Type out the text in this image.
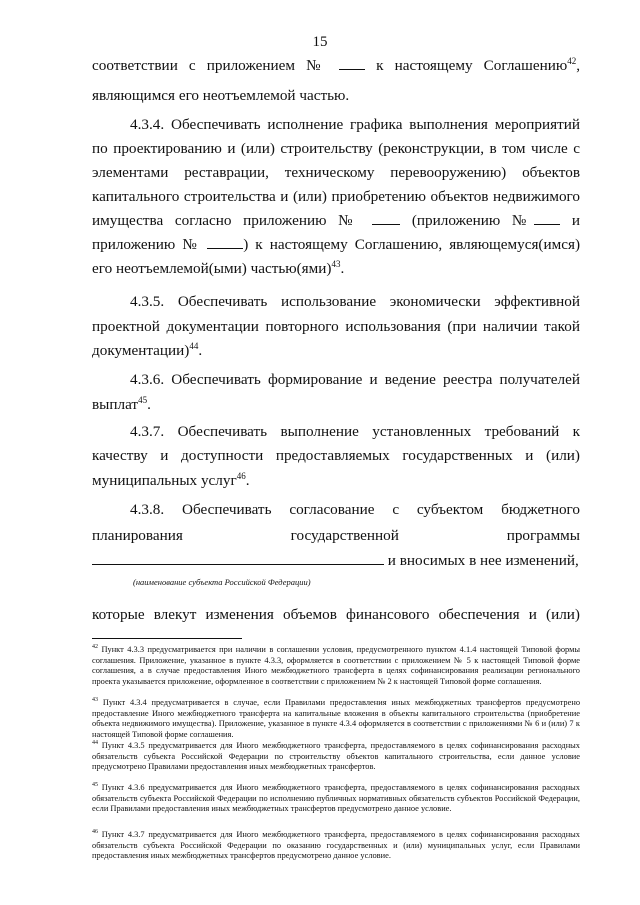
15
соответствии с приложением №	к настоящему Соглашению$^{42}$,
являющимся его неотъемлемой частью.
4.3.4. Обеспечивать исполнение графика выполнения мероприятий
по проектированию и (или) строительству (реконструкции, в том числе с
элементами реставрации, техническому перевооружению) объектов
капитального строительства и (или) приобретению объектов недвижимого
имущества согласно приложению №	(приложению № и
приложению №	) к настоящему Соглашению, являющемуся(имся)
его неотъемлемой(ыми) частью(ями)$^{43}$.
4.3.5. Обеспечивать использование экономически эффективной
проектной документации повторного использования (при наличии такой
документации)$^{44}$.
4.3.6. Обеспечивать формирование и ведение реестра получателей
выплат$^{45}$.
4.3.7. Обеспечивать выполнение установленных требований к
качеству и доступности предоставляемых государственных и (или)
муниципальных услуг$^{46}$.
4.3.8. Обеспечивать согласование с субъектом бюджетного
планирования государственной программы
и вносимых в нее изменений,
(наименование субъекта Российской Федерации)
которые влекут изменения объемов финансового обеспечения и (или)

$^{42}$ Пункт 4.3.3 предусматривается при наличии в соглашении условия, предусмотренного пунктом 4.1.4 настоящей Типовой формы соглашения. Приложение, указанное в пункте 4.3.3, оформляется в соответствии с приложением № 5 к настоящей Типовой форме соглашения, а в случае предоставления Иного межбюджетного трансферта в целях софинансирования реализации регионального проекта указывается приложение, оформленное в соответствии с приложением № 2 к настоящей Типовой форме соглашения.

$^{43}$ Пункт 4.3.4 предусматривается в случае, если Правилами предоставления иных межбюджетных трансфертов предусмотрено предоставление Иного межбюджетного трансферта на капитальные вложения в объекты капитального строительства (приобретение объекта недвижимого имущества). Приложение, указанное в пункте 4.3.4 оформляется в соответствии с приложениями № 6 и (или) 7 к настоящей Типовой форме соглашения.

$^{44}$ Пункт 4.3.5 предусматривается для Иного межбюджетного трансферта, предоставляемого в целях софинансирования расходных обязательств субъекта Российской Федерации по строительству объектов капитального строительства, если данное условие предусмотрено Правилами предоставления иных межбюджетных трансфертов.

$^{45}$ Пункт 4.3.6 предусматривается для Иного межбюджетного трансферта, предоставляемого в целях софинансирования расходных обязательств субъекта Российской Федерации по исполнению публичных нормативных обязательств субъектов Российской Федерации, если Правилами предоставления иных межбюджетных трансфертов предусмотрено данное условие.

$^{46}$ Пункт 4.3.7 предусматривается для Иного межбюджетного трансферта, предоставляемого в целях софинансирования расходных обязательств субъекта Российской Федерации по оказанию государственных и (или) муниципальных услуг, если Правилами предоставления иных межбюджетных трансфертов предусмотрено данное условие.
